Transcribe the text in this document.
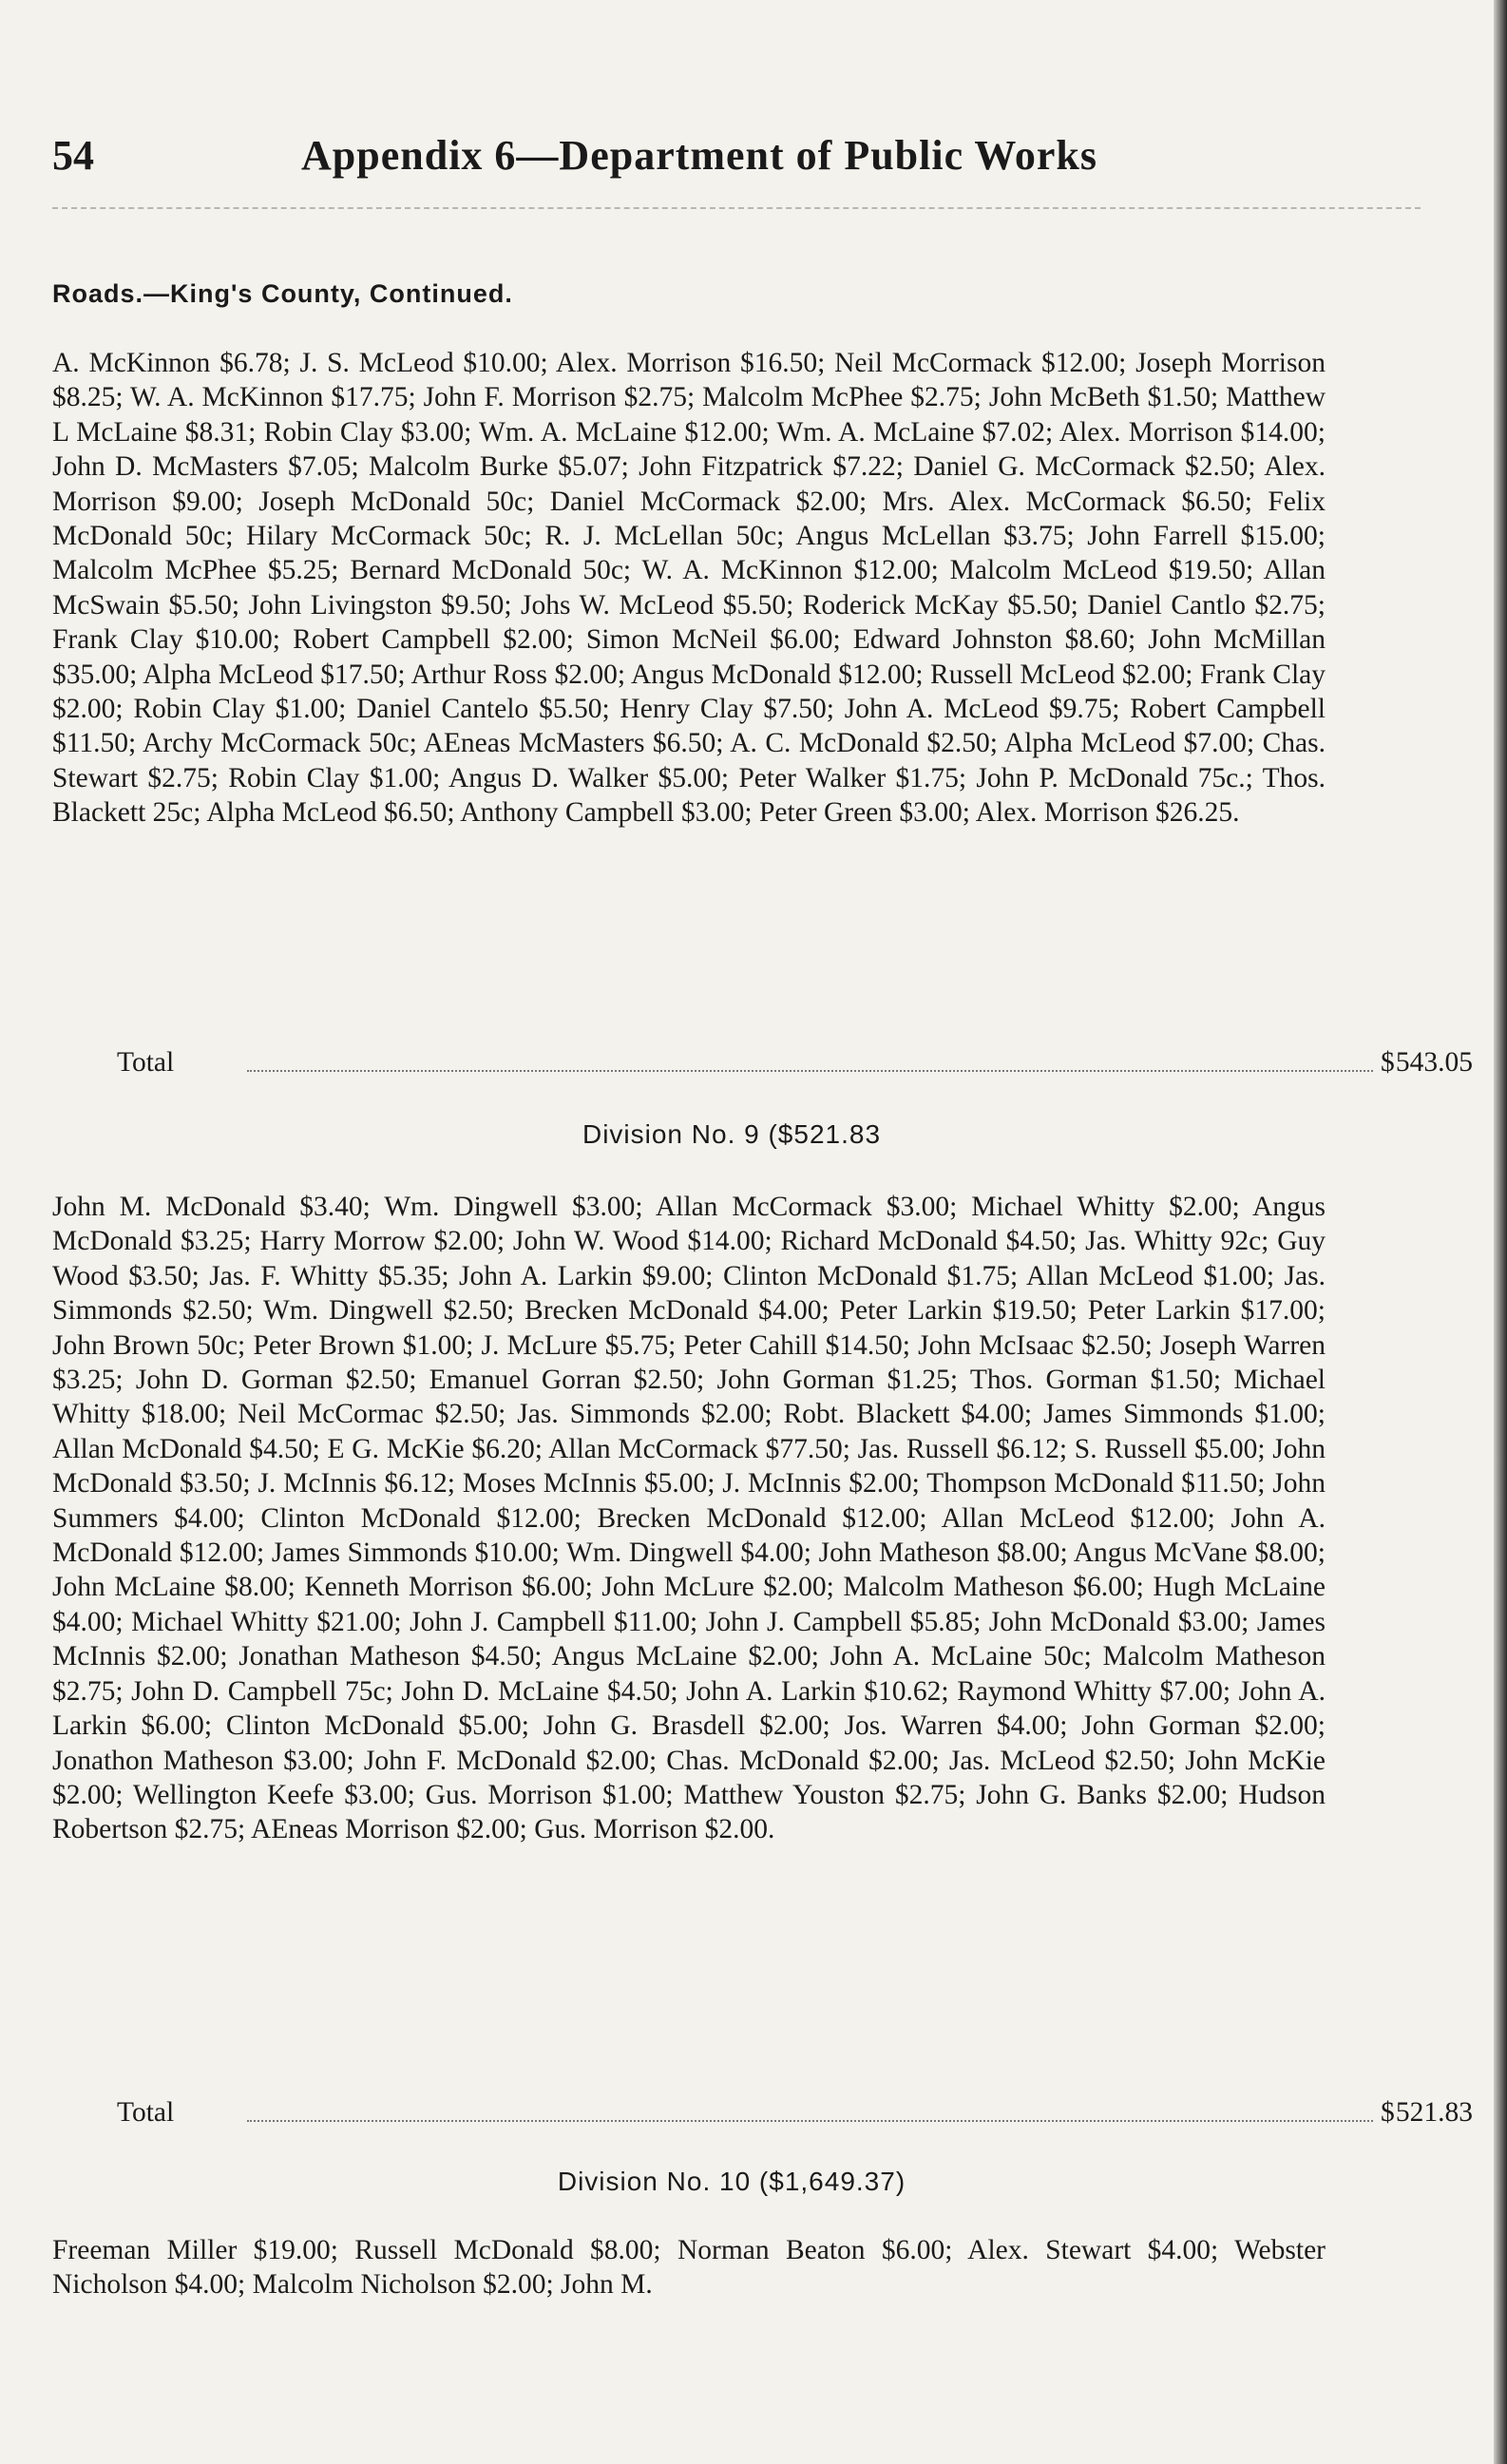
54	Appendix 6—Department of Public Works
Roads.—King's County, Continued.

A. McKinnon $6.78; J. S. McLeod $10.00; Alex. Morrison $16.50; Neil McCormack $12.00; Joseph Morrison $8.25; W. A. McKinnon $17.75; John F. Morrison $2.75; Malcolm McPhee $2.75; John McBeth $1.50; Matthew L McLaine $8.31; Robin Clay $3.00; Wm. A. McLaine $12.00; Wm. A. McLaine $7.02; Alex. Morrison $14.00; John D. McMasters $7.05; Malcolm Burke $5.07; John Fitzpatrick $7.22; Daniel G. McCormack $2.50; Alex. Morrison $9.00; Joseph McDonald 50c; Daniel McCormack $2.00; Mrs. Alex. McCormack $6.50; Felix McDonald 50c; Hilary McCormack 50c; R. J. McLellan 50c; Angus McLellan $3.75; John Farrell $15.00; Malcolm McPhee $5.25; Bernard McDonald 50c; W. A. McKinnon $12.00; Malcolm McLeod $19.50; Allan McSwain $5.50; John Livingston $9.50; Johs W. McLeod $5.50; Roderick McKay $5.50; Daniel Cantlo $2.75; Frank Clay $10.00; Robert Campbell $2.00; Simon McNeil $6.00; Edward Johnston $8.60; John McMillan $35.00; Alpha McLeod $17.50; Arthur Ross $2.00; Angus McDonald $12.00; Russell McLeod $2.00; Frank Clay $2.00; Robin Clay $1.00; Daniel Cantelo $5.50; Henry Clay $7.50; John A. McLeod $9.75; Robert Campbell $11.50; Archy McCormack 50c; AEneas McMasters $6.50; A. C. McDonald $2.50; Alpha McLeod $7.00; Chas. Stewart $2.75; Robin Clay $1.00; Angus D. Walker $5.00; Peter Walker $1.75; John P. McDonald 75c.; Thos. Blackett 25c; Alpha McLeod $6.50; Anthony Campbell $3.00; Peter Green $3.00; Alex. Morrison $26.25.

Total	$ 543.05
Division No. 9 ($521.83

John M. McDonald $3.40; Wm. Dingwell $3.00; Allan McCormack $3.00; Michael Whitty $2.00; Angus McDonald $3.25; Harry Morrow $2.00; John W. Wood $14.00; Richard McDonald $4.50; Jas. Whitty 92c; Guy Wood $3.50; Jas. F. Whitty $5.35; John A. Larkin $9.00; Clinton McDonald $1.75; Allan McLeod $1.00; Jas. Simmonds $2.50; Wm. Dingwell $2.50; Brecken McDonald $4.00; Peter Larkin $19.50; Peter Larkin $17.00; John Brown 50c; Peter Brown $1.00; J. McLure $5.75; Peter Cahill $14.50; John McIsaac $2.50; Joseph Warren $3.25; John D. Gorman $2.50; Emanuel Gorran $2.50; John Gorman $1.25; Thos. Gorman $1.50; Michael Whitty $18.00; Neil McCormac $2.50; Jas. Simmonds $2.00; Robt. Blackett $4.00; James Simmonds $1.00; Allan McDonald $4.50; E G. McKie $6.20; Allan McCormack $77.50; Jas. Russell $6.12; S. Russell $5.00; John McDonald $3.50; J. McInnis $6.12; Moses McInnis $5.00; J. McInnis $2.00; Thompson McDonald $11.50; John Summers $4.00; Clinton McDonald $12.00; Brecken McDonald $12.00; Allan McLeod $12.00; John A. McDonald $12.00; James Simmonds $10.00; Wm. Dingwell $4.00; John Matheson $8.00; Angus McVane $8.00; John McLaine $8.00; Kenneth Morrison $6.00; John McLure $2.00; Malcolm Matheson $6.00; Hugh McLaine $4.00; Michael Whitty $21.00; John J. Campbell $11.00; John J. Campbell $5.85; John McDonald $3.00; James McInnis $2.00; Jonathan Matheson $4.50; Angus McLaine $2.00; John A. McLaine 50c; Malcolm Matheson $2.75; John D. Campbell 75c; John D. McLaine $4.50; John A. Larkin $10.62; Raymond Whitty $7.00; John A. Larkin $6.00; Clinton McDonald $5.00; John G. Brasdell $2.00; Jos. Warren $4.00; John Gorman $2.00; Jonathon Matheson $3.00; John F. McDonald $2.00; Chas. McDonald $2.00; Jas. McLeod $2.50; John McKie $2.00; Wellington Keefe $3.00; Gus. Morrison $1.00; Matthew Youston $2.75; John G. Banks $2.00; Hudson Robertson $2.75; AEneas Morrison $2.00; Gus. Morrison $2.00.

Total	$ 521.83
Division No. 10 ($1,649.37)

Freeman Miller $19.00; Russell McDonald $8.00; Norman Beaton $6.00; Alex. Stewart $4.00; Webster Nicholson $4.00; Malcolm Nicholson $2.00; John M.
